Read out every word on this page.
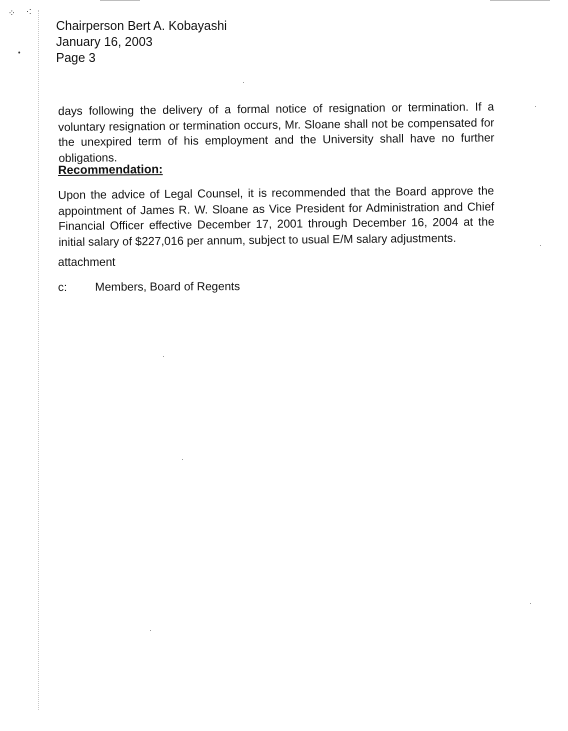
⁘ ·:
•
Chairperson Bert A. Kobayashi
January 16, 2003
Page 3
days following the delivery of a formal notice of resignation or termination. If a voluntary resignation or termination occurs, Mr. Sloane shall not be compensated for the unexpired term of his employment and the University shall have no further obligations.
Recommendation:
Upon the advice of Legal Counsel, it is recommended that the Board approve the appointment of James R. W. Sloane as Vice President for Administration and Chief Financial Officer effective December 17, 2001 through December 16, 2004 at the initial salary of $227,016 per annum, subject to usual E/M salary adjustments.
attachment
c: Members, Board of Regents
